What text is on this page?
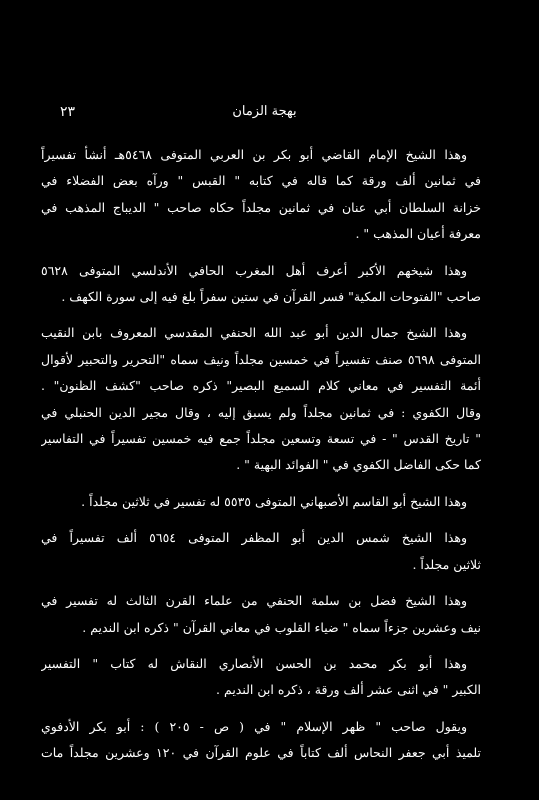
بهجة الزمان
٢٣

وهذا الشيخ الإمام القاضي أبو بكر بن العربي المتوفى ٥٤٦٨هـ أنشأ تفسيراً
في ثمانين ألف ورقة كما قاله في كتابه " القبس " ورآه بعض الفضلاء في
خزانة السلطان أبي عنان في ثمانين مجلداً حكاه صاحب " الديباج المذهب في
معرفة أعيان المذهب " .

وهذا شيخهم الأكبر أعرف أهل المغرب الحافي الأندلسي المتوفى ٥٦٢٨
صاحب "الفتوحات المكية" فسر القرآن في ستين سفراً بلغ فيه إلى سورة الكهف .

وهذا الشيخ جمال الدين أبو عبد الله الحنفي المقدسي المعروف بابن النقيب
المتوفى ٥٦٩٨ صنف تفسيراً في خمسين مجلداً ونيف سماه "التحرير والتحبير لأقوال
أئمة التفسير في معاني كلام السميع البصير" ذكره صاحب "كشف الظنون" .
وقال الكفوي : في ثمانين مجلداً ولم يسبق إليه ، وقال مجير الدين الحنبلي في
" تاريخ القدس " - في تسعة وتسعين مجلداً جمع فيه خمسين تفسيراً في التفاسير
كما حكى الفاضل الكفوي في " الفوائد البهية " .

وهذا الشيخ أبو القاسم الأصبهاني المتوفى ٥٥٣٥ له تفسير في ثلاثين مجلداً .

وهذا الشيخ شمس الدين أبو المظفر المتوفى ٥٦٥٤ ألف تفسيراً في
ثلاثين مجلداً .

وهذا الشيخ فضل بن سلمة الحنفي من علماء القرن الثالث له تفسير في
نيف وعشرين جزءاً سماه " ضياء القلوب في معاني القرآن " ذكره ابن النديم .

وهذا أبو بكر محمد بن الحسن الأنصاري النقاش له كتاب " التفسير
الكبير " في اثنى عشر ألف ورقة ، ذكره ابن النديم .

ويقول صاحب " ظهر الإسلام " في ( ص - ٢٠٥ ) : أبو بكر الأدفوي
تلميذ أبي جعفر النحاس ألف كتاباً في علوم القرآن في ١٢٠ وعشرين مجلداً مات
